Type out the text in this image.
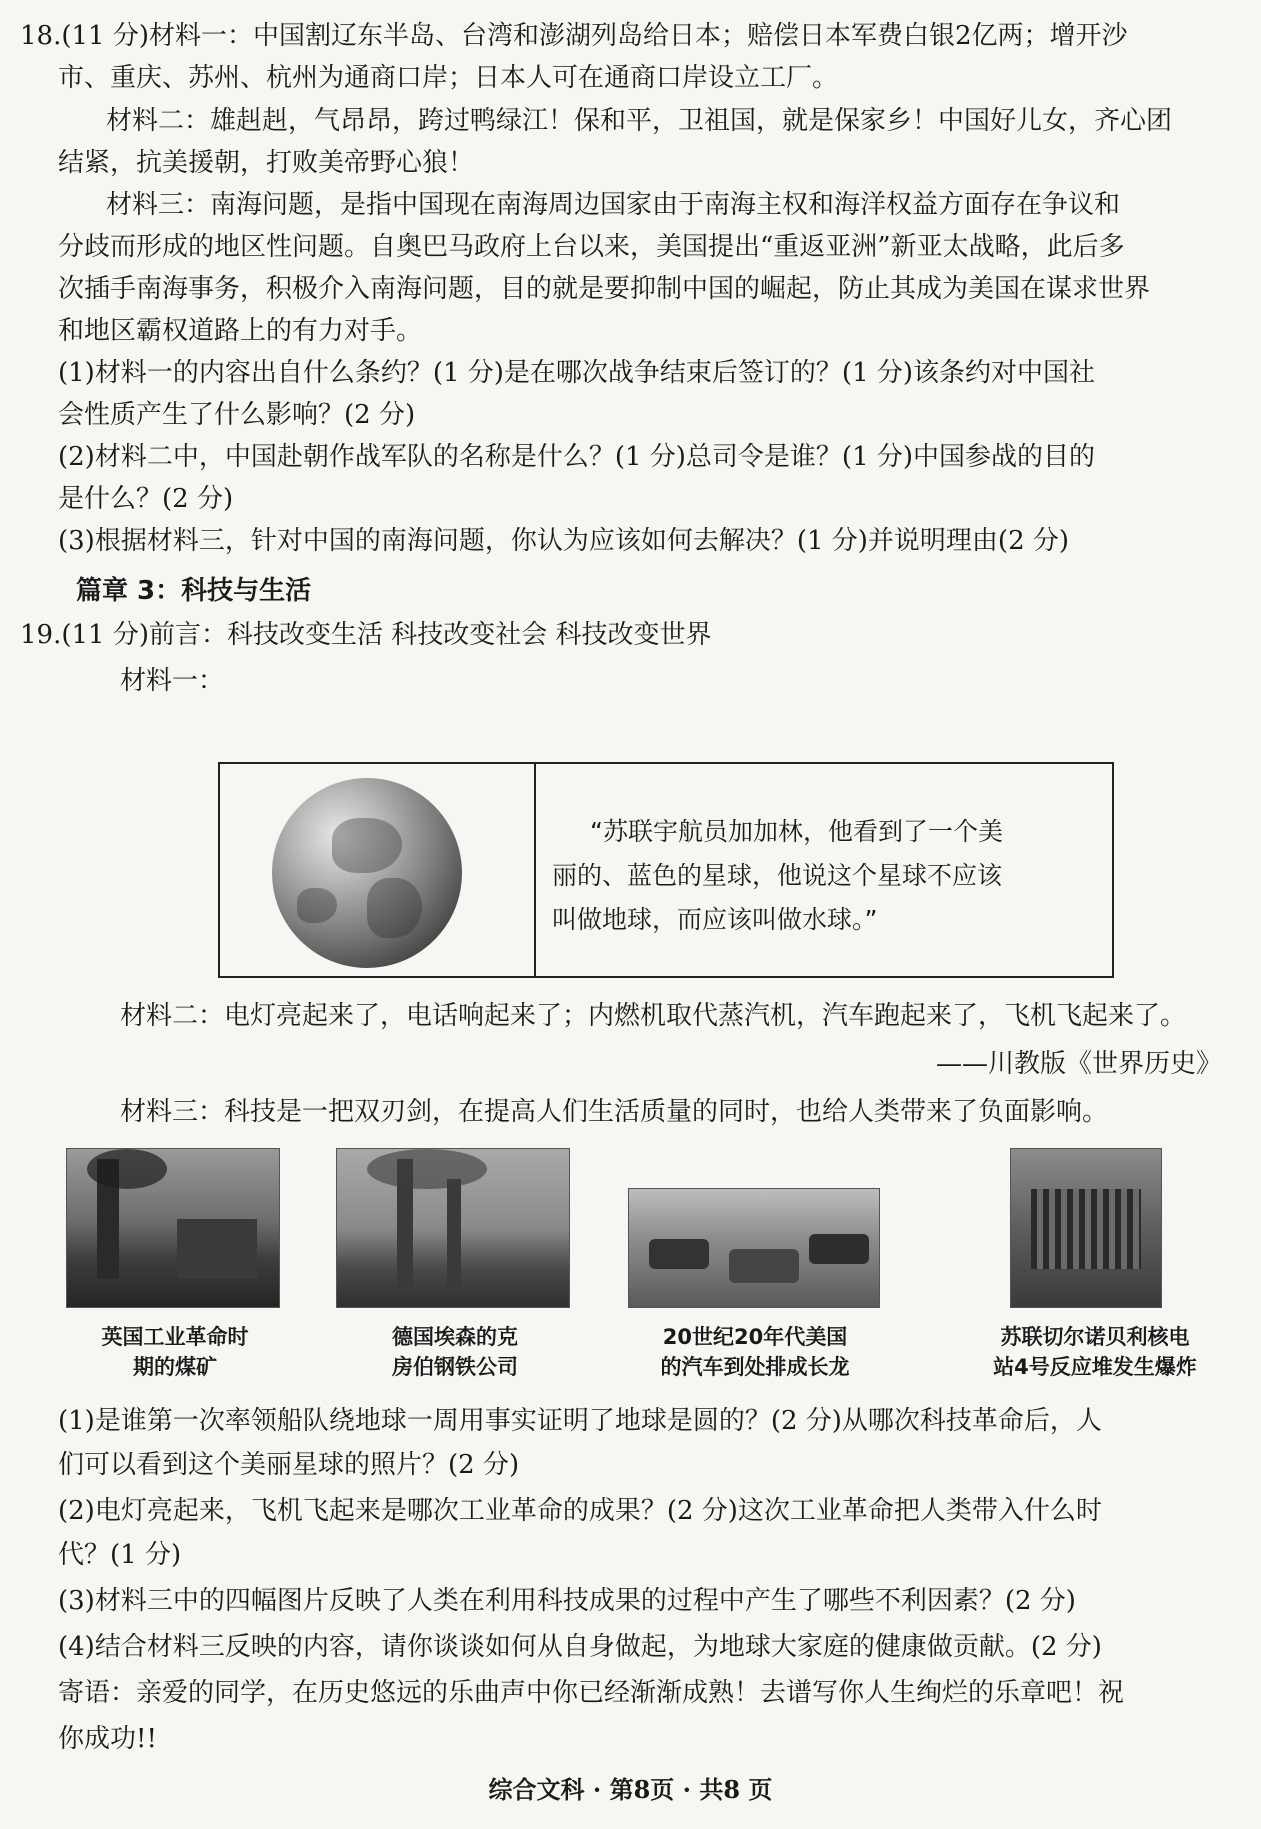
18.(11 分)材料一：中国割辽东半岛、台湾和澎湖列岛给日本；赔偿日本军费白银2亿两；增开沙
市、重庆、苏州、杭州为通商口岸；日本人可在通商口岸设立工厂。
材料二：雄赳赳，气昂昂，跨过鸭绿江！保和平，卫祖国，就是保家乡！中国好儿女，齐心团
结紧，抗美援朝，打败美帝野心狼！
材料三：南海问题，是指中国现在南海周边国家由于南海主权和海洋权益方面存在争议和
分歧而形成的地区性问题。自奥巴马政府上台以来，美国提出“重返亚洲”新亚太战略，此后多
次插手南海事务，积极介入南海问题，目的就是要抑制中国的崛起，防止其成为美国在谋求世界
和地区霸权道路上的有力对手。
(1)材料一的内容出自什么条约？(1 分)是在哪次战争结束后签订的？(1 分)该条约对中国社
会性质产生了什么影响？(2 分)
(2)材料二中，中国赴朝作战军队的名称是什么？(1 分)总司令是谁？(1 分)中国参战的目的
是什么？(2 分)
(3)根据材料三，针对中国的南海问题，你认为应该如何去解决？(1 分)并说明理由(2 分)
篇章 3：科技与生活
19.(11 分)前言：科技改变生活 科技改变社会 科技改变世界
材料一：
“苏联宇航员加加林，他看到了一个美
丽的、蓝色的星球，他说这个星球不应该
叫做地球，而应该叫做水球。”
材料二：电灯亮起来了，电话响起来了；内燃机取代蒸汽机，汽车跑起来了，飞机飞起来了。
——川教版《世界历史》
材料三：科技是一把双刃剑，在提高人们生活质量的同时，也给人类带来了负面影响。
英国工业革命时
期的煤矿
德国埃森的克
房伯钢铁公司
20世纪20年代美国
的汽车到处排成长龙
苏联切尔诺贝利核电
站4号反应堆发生爆炸
(1)是谁第一次率领船队绕地球一周用事实证明了地球是圆的？(2 分)从哪次科技革命后，人
们可以看到这个美丽星球的照片？(2 分)
(2)电灯亮起来，飞机飞起来是哪次工业革命的成果？(2 分)这次工业革命把人类带入什么时
代？(1 分)
(3)材料三中的四幅图片反映了人类在利用科技成果的过程中产生了哪些不利因素？(2 分)
(4)结合材料三反映的内容，请你谈谈如何从自身做起，为地球大家庭的健康做贡献。(2 分)
寄语：亲爱的同学，在历史悠远的乐曲声中你已经渐渐成熟！去谱写你人生绚烂的乐章吧！祝
你成功!!
综合文科 · 第8页 · 共8 页
